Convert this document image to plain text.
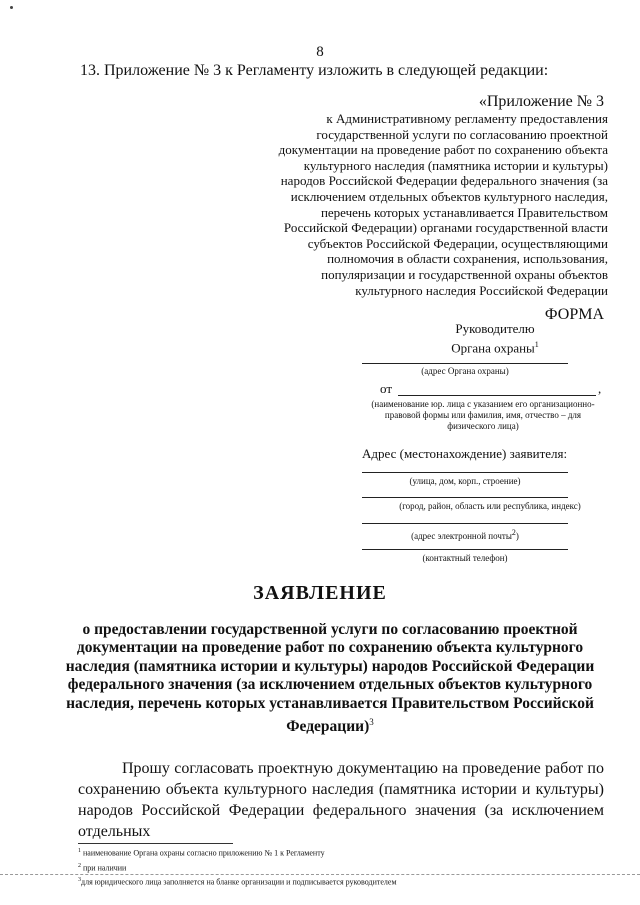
8
13. Приложение № 3 к Регламенту изложить в следующей редакции:
«Приложение № 3
к Административному регламенту предоставления
государственной услуги по согласованию проектной
документации на проведение работ по сохранению объекта
культурного наследия (памятника истории и культуры)
народов Российской Федерации федерального значения (за
исключением отдельных объектов культурного наследия,
перечень которых устанавливается Правительством
Российской Федерации) органами государственной власти
субъектов Российской Федерации, осуществляющими
полномочия в области сохранения, использования,
популяризации и государственной охраны объектов
культурного наследия Российской Федерации
ФОРМА
Руководителю
Органа охраны$^1$
(адрес Органа охраны)
от	,
(наименование юр. лица с указанием его организационно-правовой формы или фамилия, имя, отчество – для физического лица)
Адрес (местонахождение) заявителя:
(улица, дом, корп., строение)
(город, район, область или республика, индекс)
(адрес электронной почты$^2$)
(контактный телефон)
ЗАЯВЛЕНИЕ
о предоставлении государственной услуги по согласованию проектной
документации на проведение работ по сохранению объекта культурного
наследия (памятника истории и культуры) народов Российской Федерации
федерального значения (за исключением отдельных объектов культурного
наследия, перечень которых устанавливается Правительством Российской
Федерации)$^3$
Прошу согласовать проектную документацию на проведение работ по сохранению объекта культурного наследия (памятника истории и культуры) народов Российской Федерации федерального значения (за исключением отдельных
$^1$ наименование Органа охраны согласно приложению № 1 к Регламенту
$^2$ при наличии
$^3$для юридического лица заполняется на бланке организации и подписывается руководителем
